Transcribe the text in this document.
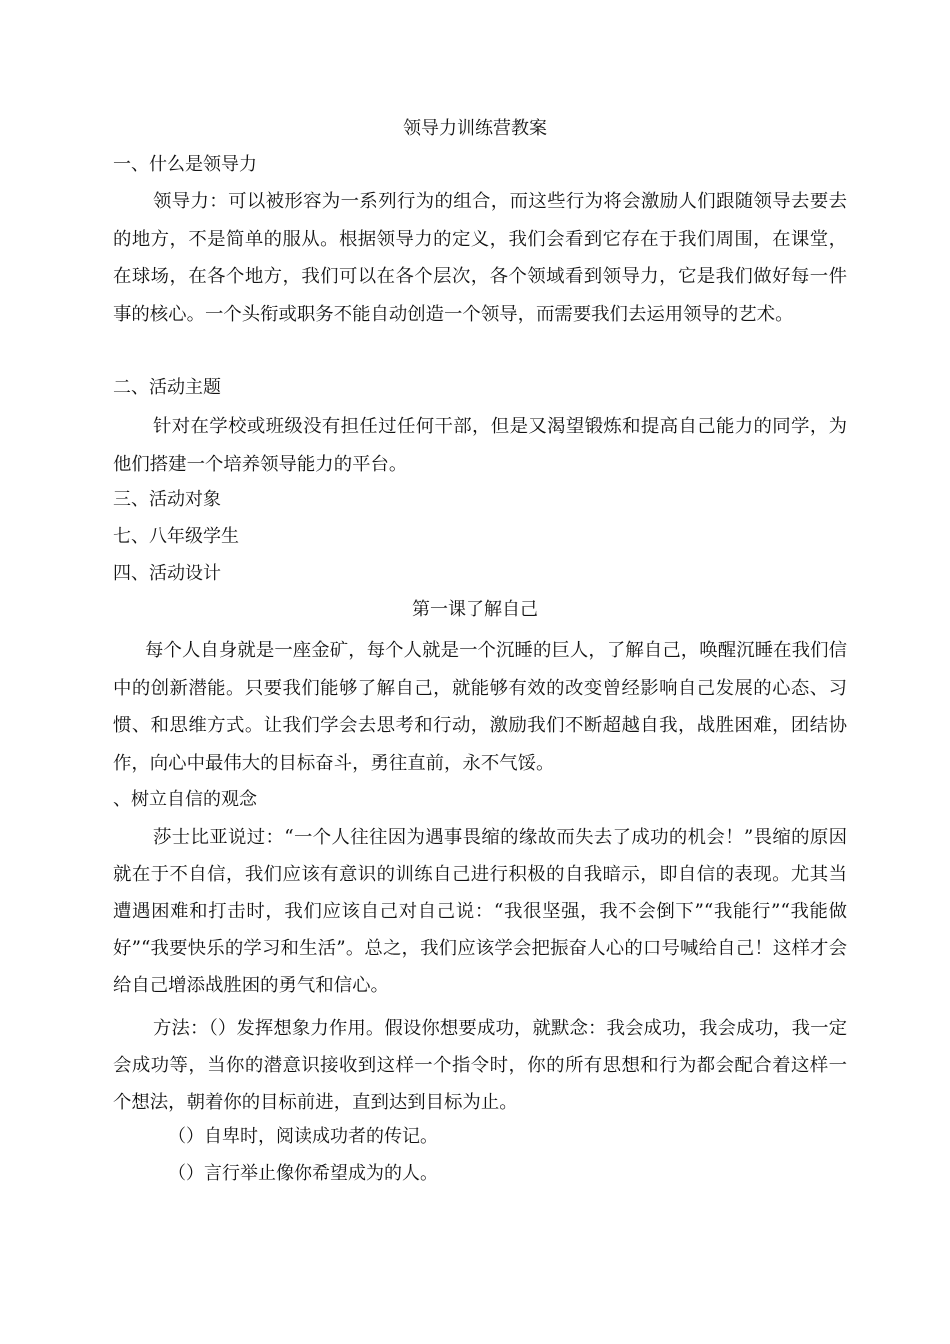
领导力训练营教案

一、什么是领导力

领导力：可以被形容为一系列行为的组合，而这些行为将会激励人们跟随领导去要去的地方，不是简单的服从。根据领导力的定义，我们会看到它存在于我们周围，在课堂，在球场，在各个地方，我们可以在各个层次，各个领域看到领导力，它是我们做好每一件事的核心。一个头衔或职务不能自动创造一个领导，而需要我们去运用领导的艺术。

二、活动主题

针对在学校或班级没有担任过任何干部，但是又渴望锻炼和提高自己能力的同学，为他们搭建一个培养领导能力的平台。

三、活动对象

七、八年级学生

四、活动设计

第一课了解自己

每个人自身就是一座金矿，每个人就是一个沉睡的巨人，了解自己，唤醒沉睡在我们信中的创新潜能。只要我们能够了解自己，就能够有效的改变曾经影响自己发展的心态、习惯、和思维方式。让我们学会去思考和行动，激励我们不断超越自我，战胜困难，团结协作，向心中最伟大的目标奋斗，勇往直前，永不气馁。

、树立自信的观念

莎士比亚说过：“一个人往往因为遇事畏缩的缘故而失去了成功的机会！”畏缩的原因就在于不自信，我们应该有意识的训练自己进行积极的自我暗示，即自信的表现。尤其当遭遇困难和打击时，我们应该自己对自己说：“我很坚强，我不会倒下”“我能行”“我能做好”“我要快乐的学习和生活”。总之，我们应该学会把振奋人心的口号喊给自己！这样才会给自己增添战胜困的勇气和信心。

方法：（）发挥想象力作用。假设你想要成功，就默念：我会成功，我会成功，我一定会成功等，当你的潜意识接收到这样一个指令时，你的所有思想和行为都会配合着这样一个想法，朝着你的目标前进，直到达到目标为止。

（）自卑时，阅读成功者的传记。

（）言行举止像你希望成为的人。
